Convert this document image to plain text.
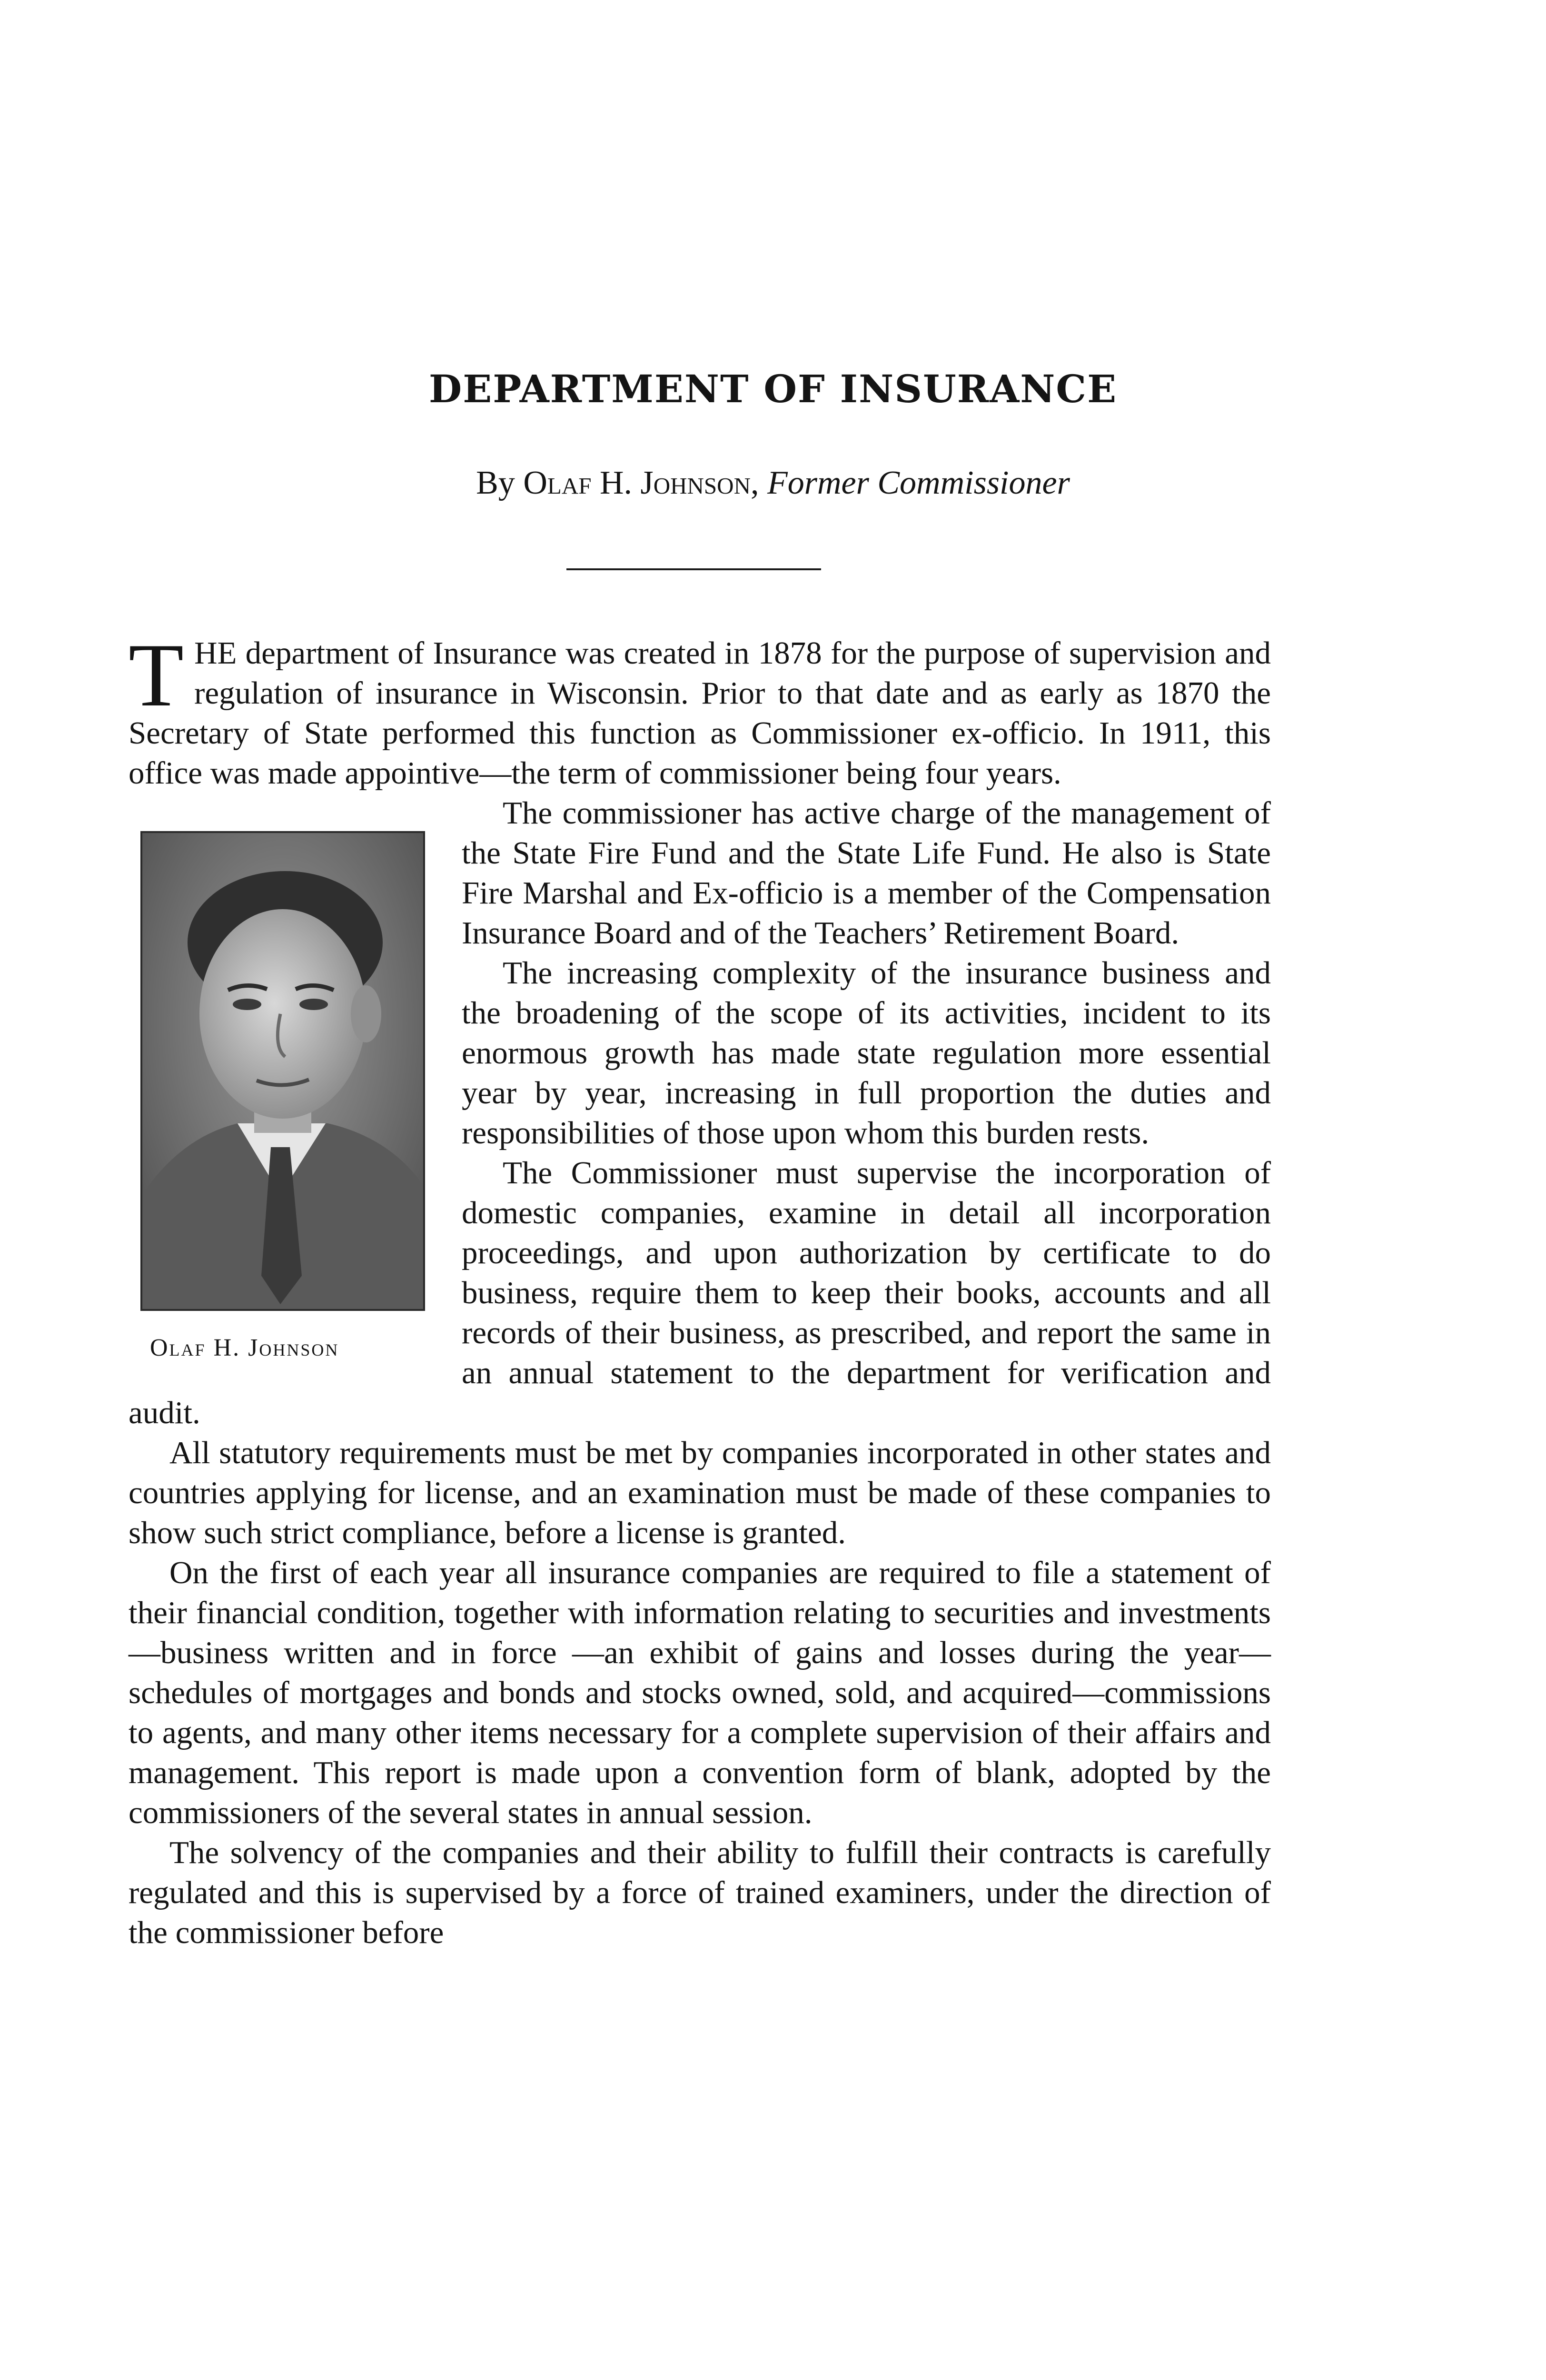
DEPARTMENT OF INSURANCE
By Olaf H. Johnson, Former Commissioner
T HE department of Insurance was created in 1878 for the purpose of supervision and regulation of insurance in Wisconsin. Prior to that date and as early as 1870 the Secretary of State performed this function as Commissioner ex-officio. In 1911, this office was made appointive—the term of commissioner being four years.

Olaf H. Johnson

The commissioner has active charge of the management of the State Fire Fund and the State Life Fund. He also is State Fire Marshal and Ex-officio is a member of the Compensation Insurance Board and of the Teachers’ Retirement Board.

The increasing complexity of the insurance business and the broadening of the scope of its activities, incident to its enormous growth has made state regulation more essential year by year, increasing in full proportion the duties and responsibilities of those upon whom this burden rests.

The Commissioner must supervise the incorporation of domestic companies, examine in detail all incorporation proceedings, and upon authorization by certificate to do business, require them to keep their books, accounts and all records of their business, as prescribed, and report the same in an annual statement to the department for verification and audit.

All statutory requirements must be met by companies incorporated in other states and countries applying for license, and an examination must be made of these companies to show such strict compliance, before a license is granted.

On the first of each year all insurance companies are required to file a statement of their financial condition, together with information relating to securities and investments—business written and in force —an exhibit of gains and losses during the year—schedules of mortgages and bonds and stocks owned, sold, and acquired—commissions to agents, and many other items necessary for a complete supervision of their affairs and management. This report is made upon a convention form of blank, adopted by the commissioners of the several states in annual session.

The solvency of the companies and their ability to fulfill their contracts is carefully regulated and this is supervised by a force of trained examiners, under the direction of the commissioner before
